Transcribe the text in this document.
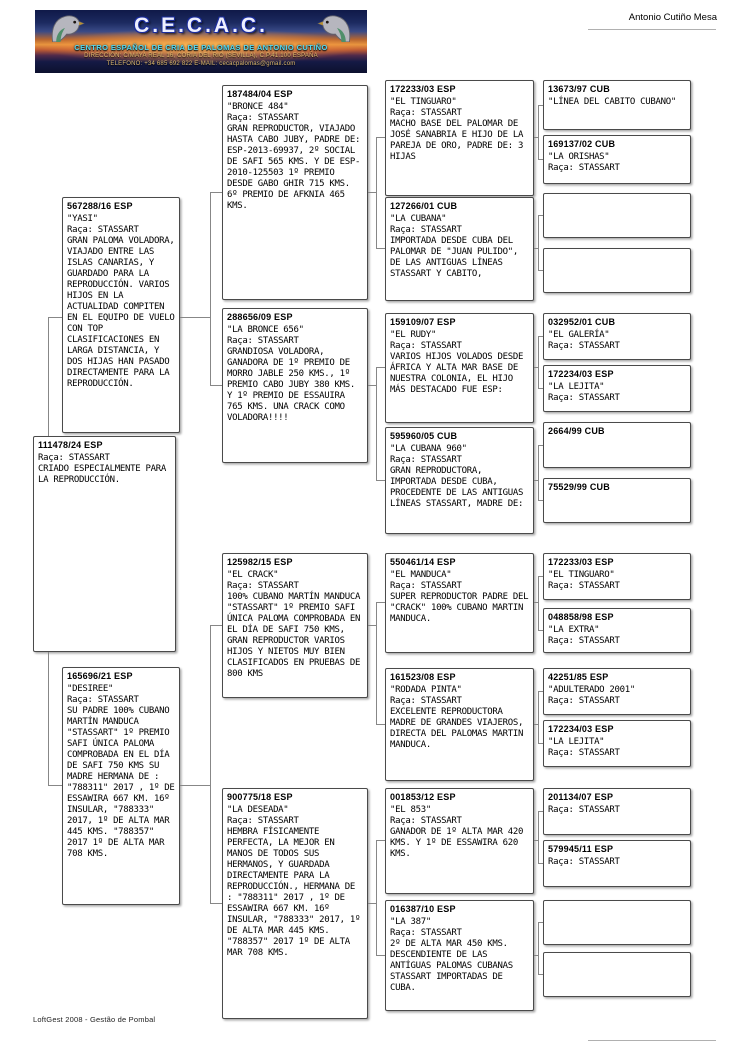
C.E.C.A.C.
CENTRO ESPAÑOL DE CRIA DE PALOMAS DE ANTONIO CUTIÑO
DIRECCIÓN: C/MAYA REAL 16, CORIA DEL RIO (SEVILLA), C.P.41.100 ESPAÑA
TELEFONO: +34 685 692 822 E-MAIL: cecacpalomas@gmail.com
Antonio Cutiño Mesa
567288/16 ESP
"YASI"
Raça: STASSART
GRAN PALOMA VOLADORA, VIAJADO ENTRE LAS ISLAS CANARIAS, Y GUARDADO PARA LA REPRODUCCIÓN. VARIOS HIJOS EN LA ACTUALIDAD COMPITEN EN EL EQUIPO DE VUELO CON TOP CLASIFICACIONES EN LARGA DISTANCIA, Y DOS HIJAS HAN PASADO DIRECTAMENTE PARA LA REPRODUCCIÓN.
111478/24 ESP
Raça: STASSART
CRIADO ESPECIALMENTE PARA LA REPRODUCCIÓN.
165696/21 ESP
"DESIREE"
Raça: STASSART
SU PADRE 100% CUBANO MARTÍN MANDUCA "STASSART" 1º PREMIO SAFI ÚNICA PALOMA COMPROBADA EN EL DÍA DE SAFI 750 KMS SU MADRE HERMANA DE : "788311" 2017 , 1º DE ESSAWIRA 667 KM. 16º INSULAR, "788333" 2017, 1º DE ALTA MAR 445 KMS. "788357" 2017 1º DE ALTA MAR 708 KMS.
187484/04 ESP
"BRONCE 484"
Raça: STASSART
GRAN REPRODUCTOR, VIAJADO HASTA CABO JUBY, PADRE DE: ESP-2013-69937, 2º SOCIAL DE SAFI 565 KMS. Y DE ESP-2010-125503 1º PREMIO DESDE GABO GHIR 715 KMS. 6º PREMIO DE AFKNIA 465 KMS.
288656/09 ESP
"LA BRONCE 656"
Raça: STASSART
GRANDIOSA VOLADORA, GANADORA DE 1º PREMIO DE MORRO JABLE 250 KMS., 1º PREMIO CABO JUBY 380 KMS. Y 1º PREMIO DE ESSAUIRA 765 KMS. UNA CRACK COMO VOLADORA!!!!
125982/15 ESP
"EL CRACK"
Raça: STASSART
100% CUBANO MARTÍN MANDUCA "STASSART" 1º PREMIO SAFI ÚNICA PALOMA COMPROBADA EN EL DÍA DE SAFI 750 KMS, GRAN REPRODUCTOR VARIOS HIJOS Y NIETOS MUY BIEN CLASIFICADOS EN PRUEBAS DE 800 KMS
900775/18 ESP
"LA DESEADA"
Raça: STASSART
HEMBRA FÍSICAMENTE PERFECTA, LA MEJOR EN MANOS DE TODOS SUS HERMANOS, Y GUARDADA DIRECTAMENTE PARA LA REPRODUCCIÓN., HERMANA DE : "788311" 2017 , 1º DE ESSAWIRA 667 KM. 16º INSULAR, "788333" 2017, 1º DE ALTA MAR 445 KMS. "788357" 2017 1º DE ALTA MAR 708 KMS.
172233/03 ESP
"EL TINGUARO"
Raça: STASSART
MACHO BASE DEL PALOMAR DE JOSÉ SANABRIA E HIJO DE LA PAREJA DE ORO, PADRE DE: 3 HIJAS
127266/01 CUB
"LA CUBANA"
Raça: STASSART
IMPORTADA DESDE CUBA DEL PALOMAR DE "JUAN PULIDO", DE LAS ANTIGUAS LÍNEAS STASSART Y CABITO,
159109/07 ESP
"EL RUDY"
Raça: STASSART
VARIOS HIJOS VOLADOS DESDE ÁFRICA Y ALTA MAR BASE DE NUESTRA COLONIA, EL HIJO MÁS DESTACADO FUE ESP:
595960/05 CUB
"LA CUBANA 960"
Raça: STASSART
GRAN REPRODUCTORA, IMPORTADA DESDE CUBA, PROCEDENTE DE LAS ANTIGUAS LÍNEAS STASSART, MADRE DE:
550461/14 ESP
"EL MANDUCA"
Raça: STASSART
SUPER REPRODUCTOR PADRE DEL "CRACK" 100% CUBANO MARTIN MANDUCA.
161523/08 ESP
"RODADA PINTA"
Raça: STASSART
EXCELENTE REPRODUCTORA MADRE DE GRANDES VIAJEROS, DIRECTA DEL PALOMAS MARTIN MANDUCA.
001853/12 ESP
"EL 853"
Raça: STASSART
GANADOR DE 1º ALTA MAR 420 KMS. Y 1º DE ESSAWIRA 620 KMS.
016387/10 ESP
"LA 387"
Raça: STASSART
2º DE ALTA MAR 450 KMS. DESCENDIENTE DE LAS ANTÍGUAS PALOMAS CUBANAS STASSART IMPORTADAS DE CUBA.
13673/97 CUB
"LÍNEA DEL CABITO CUBANO"
169137/02 CUB
"LA ORISHAS"
Raça: STASSART
032952/01 CUB
"EL GALERÍA"
Raça: STASSART
172234/03 ESP
"LA LEJITA"
Raça: STASSART
2664/99 CUB
75529/99 CUB
172233/03 ESP
"EL TINGUARO"
Raça: STASSART
048858/98 ESP
"LA EXTRA"
Raça: STASSART
42251/85 ESP
"ADULTERADO 2001"
Raça: STASSART
172234/03 ESP
"LA LEJITA"
Raça: STASSART
201134/07 ESP
Raça: STASSART
579945/11 ESP
Raça: STASSART
LoftGest 2008 - Gestão de Pombal
